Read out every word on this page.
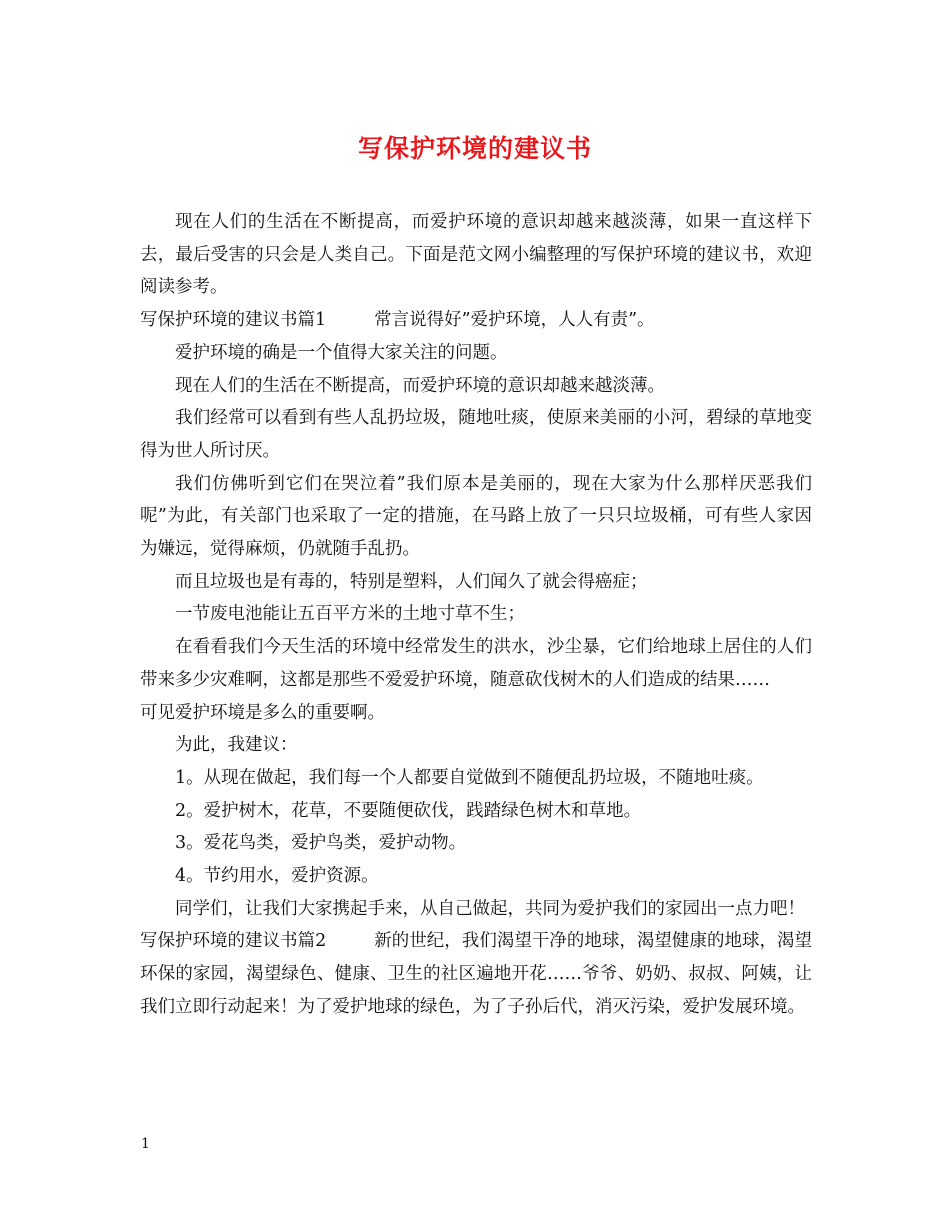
写保护环境的建议书

现在人们的生活在不断提高，而爱护环境的意识却越来越淡薄，如果一直这样下去，最后受害的只会是人类自己。下面是范文网小编整理的写保护环境的建议书，欢迎阅读参考。

写保护环境的建议书篇1	常言说得好”爱护环境，人人有责”。

爱护环境的确是一个值得大家关注的问题。

现在人们的生活在不断提高，而爱护环境的意识却越来越淡薄。

我们经常可以看到有些人乱扔垃圾，随地吐痰，使原来美丽的小河，碧绿的草地变得为世人所讨厌。

我们仿佛听到它们在哭泣着”我们原本是美丽的，现在大家为什么那样厌恶我们呢”为此，有关部门也采取了一定的措施，在马路上放了一只只垃圾桶，可有些人家因为嫌远，觉得麻烦，仍就随手乱扔。

而且垃圾也是有毒的，特别是塑料，人们闻久了就会得癌症；

一节废电池能让五百平方米的土地寸草不生；

在看看我们今天生活的环境中经常发生的洪水，沙尘暴，它们给地球上居住的人们带来多少灾难啊，这都是那些不爱爱护环境，随意砍伐树木的人们造成的结果……

可见爱护环境是多么的重要啊。

为此，我建议：

1。从现在做起，我们每一个人都要自觉做到不随便乱扔垃圾，不随地吐痰。

2。爱护树木，花草，不要随便砍伐，践踏绿色树木和草地。

3。爱花鸟类，爱护鸟类，爱护动物。

4。节约用水，爱护资源。

同学们，让我们大家携起手来，从自己做起，共同为爱护我们的家园出一点力吧！

写保护环境的建议书篇2	新的世纪，我们渴望干净的地球，渴望健康的地球，渴望环保的家园，渴望绿色、健康、卫生的社区遍地开花……爷爷、奶奶、叔叔、阿姨，让我们立即行动起来！为了爱护地球的绿色，为了子孙后代，消灭污染，爱护发展环境。

1
